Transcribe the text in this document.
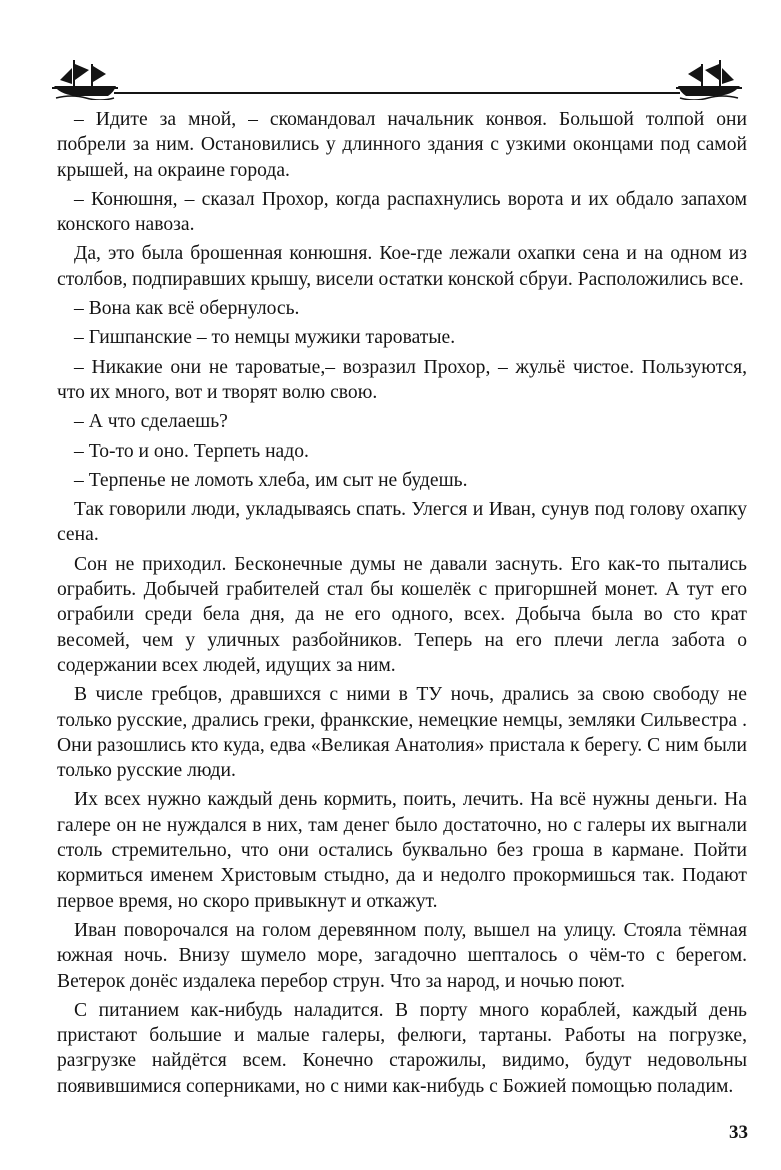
– Идите за мной, – скомандовал начальник конвоя. Большой толпой они побрели за ним. Остановились у длинного здания с узкими оконцами под самой крышей, на окраине города.

– Конюшня, – сказал Прохор, когда распахнулись ворота и их обдало запахом конского навоза.

Да, это была брошенная конюшня. Кое-где лежали охапки сена и на одном из столбов, подпиравших крышу, висели остатки конской сбруи. Расположились все.

– Вона как всё обернулось.

– Гишпанские – то немцы мужики тароватые.

– Никакие они не тароватые,– возразил Прохор, – жульё чистое. Пользуются, что их много, вот и творят волю свою.

– А что сделаешь?

– То-то и оно. Терпеть надо.

– Терпенье не ломоть хлеба, им сыт не будешь.

Так говорили люди, укладываясь спать. Улегся и Иван, сунув под голову охапку сена.

Сон не приходил. Бесконечные думы не давали заснуть. Его как-то пытались ограбить. Добычей грабителей стал бы кошелёк с пригоршней монет. А тут его ограбили среди бела дня, да не его одного, всех. Добыча была во сто крат весомей, чем у уличных разбойников. Теперь на его плечи легла забота о содержании всех людей, идущих за ним.

В числе гребцов, дравшихся с ними в ТУ ночь, дрались за свою свободу не только русские, дрались греки, франкские, немецкие немцы, земляки Сильвестра . Они разошлись кто куда, едва «Великая Анатолия» пристала к берегу. С ним были только русские люди.

Их всех нужно каждый день кормить, поить, лечить. На всё нужны деньги. На галере он не нуждался в них, там денег было достаточно, но с галеры их выгнали столь стремительно, что они остались буквально без гроша в кармане. Пойти кормиться именем Христовым стыдно, да и недолго прокормишься так. Подают первое время, но скоро привыкнут и откажут.

Иван поворочался на голом деревянном полу, вышел на улицу. Стояла тёмная южная ночь. Внизу шумело море, загадочно шепталось о чём-то с берегом. Ветерок донёс издалека перебор струн. Что за народ, и ночью поют.

С питанием как-нибудь наладится. В порту много кораблей, каждый день пристают большие и малые галеры, фелюги, тартаны. Работы на погрузке, разгрузке найдётся всем. Конечно старожилы, видимо, будут недовольны появившимися соперниками, но с ними как-нибудь с Божией помощью поладим.

33
